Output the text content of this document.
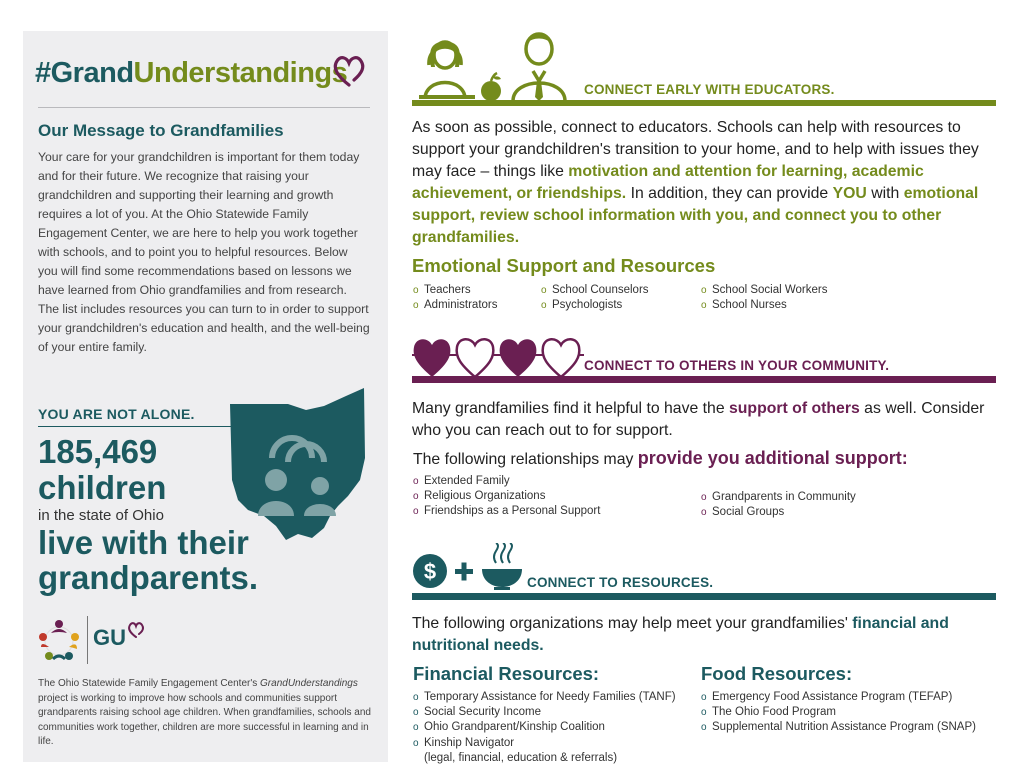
#GrandUnderstandings
Our Message to Grandfamilies
Your care for your grandchildren is important for them today and for their future. We recognize that raising your grandchildren and supporting their learning and growth requires a lot of you. At the Ohio Statewide Family Engagement Center, we are here to help you work together with schools, and to point you to helpful resources. Below you will find some recommendations based on lessons we have learned from Ohio grandfamilies and from research. The list includes resources you can turn to in order to support your grandchildren's education and health, and the well-being of your entire family.
YOU ARE NOT ALONE.
185,469
children
in the state of Ohio
live with their
grandparents.
GU
The Ohio Statewide Family Engagement Center's GrandUnderstandings project is working to improve how schools and communities support grandparents raising school age children. When grandfamilies, schools and communities work together, children are more successful in learning and in life.
CONNECT EARLY WITH EDUCATORS.
As soon as possible, connect to educators. Schools can help with resources to support your grandchildren's transition to your home, and to help with issues they may face – things like motivation and attention for learning, academic achievement, or friendships. In addition, they can provide YOU with emotional support, review school information with you, and connect you to other grandfamilies.
Emotional Support and Resources
o Teachers
o Administrators
o School Counselors
o Psychologists
o School Social Workers
o School Nurses
CONNECT TO OTHERS IN YOUR COMMUNITY.
Many grandfamilies find it helpful to have the support of others as well. Consider who you can reach out to for support.
The following relationships may provide you additional support:
o Extended Family
o Religious Organizations
o Friendships as a Personal Support
o Grandparents in Community
o Social Groups
$	CONNECT TO RESOURCES.
The following organizations may help meet your grandfamilies' financial and nutritional needs.
Financial Resources:	Food Resources:
o Temporary Assistance for Needy Families (TANF)
o Social Security Income
o Ohio Grandparent/Kinship Coalition
o Kinship Navigator
(legal, financial, education & referrals)
o Emergency Food Assistance Program (TEFAP)
o The Ohio Food Program
o Supplemental Nutrition Assistance Program (SNAP)
